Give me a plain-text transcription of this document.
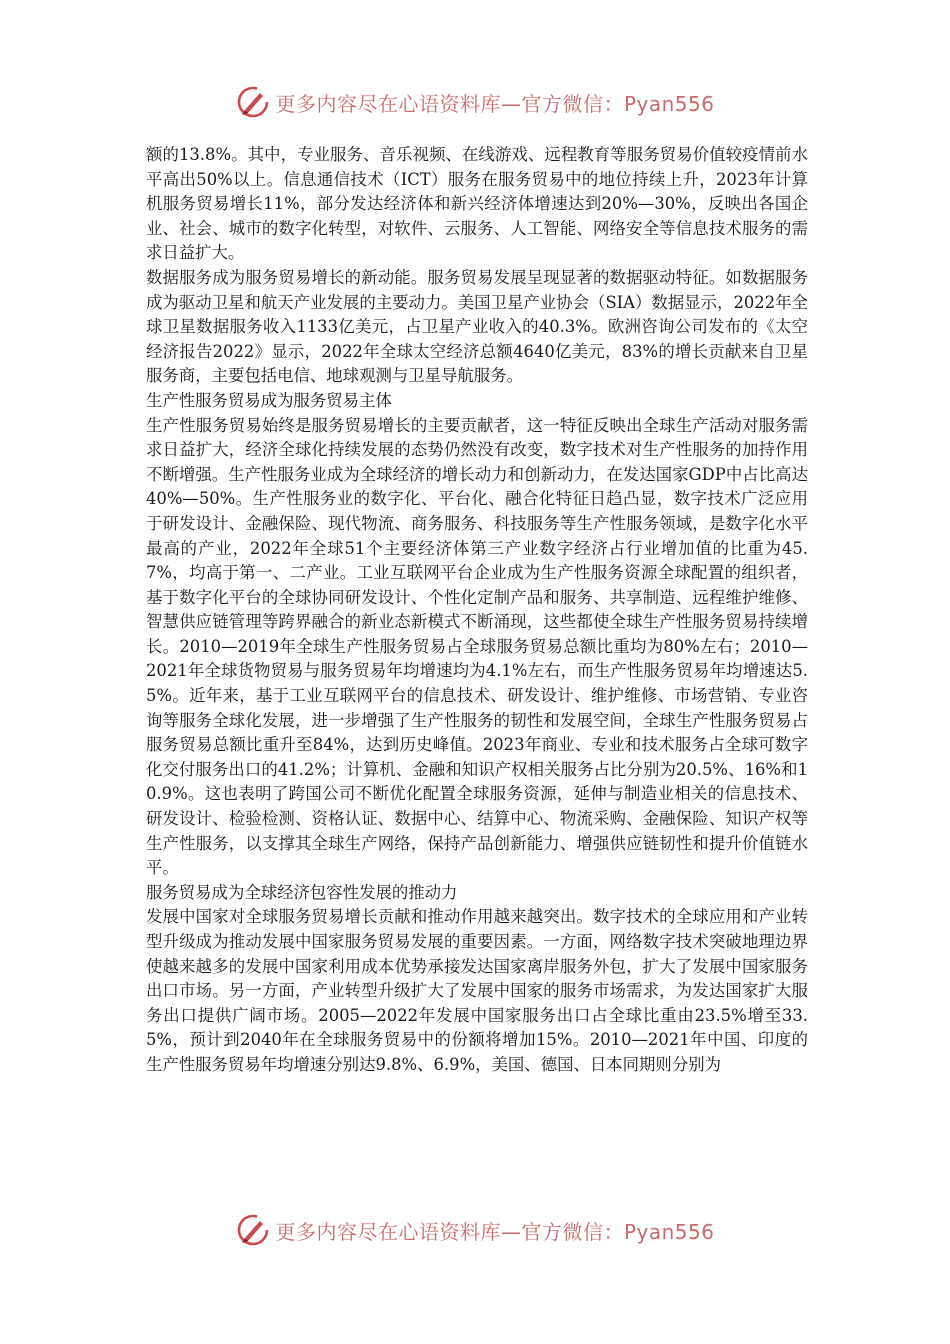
更多内容尽在心语资料库—官方微信：Pyan556

额的13.8%。其中，专业服务、音乐视频、在线游戏、远程教育等服务贸易价值较疫情前水平高出50%以上。信息通信技术（ICT）服务在服务贸易中的地位持续上升，2023年计算机服务贸易增长11%，部分发达经济体和新兴经济体增速达到20%—30%，反映出各国企业、社会、城市的数字化转型，对软件、云服务、人工智能、网络安全等信息技术服务的需求日益扩大。

数据服务成为服务贸易增长的新动能。服务贸易发展呈现显著的数据驱动特征。如数据服务成为驱动卫星和航天产业发展的主要动力。美国卫星产业协会（SIA）数据显示，2022年全球卫星数据服务收入1133亿美元，占卫星产业收入的40.3%。欧洲咨询公司发布的《太空经济报告2022》显示，2022年全球太空经济总额4640亿美元，83%的增长贡献来自卫星服务商，主要包括电信、地球观测与卫星导航服务。

生产性服务贸易成为服务贸易主体

生产性服务贸易始终是服务贸易增长的主要贡献者，这一特征反映出全球生产活动对服务需求日益扩大，经济全球化持续发展的态势仍然没有改变，数字技术对生产性服务的加持作用不断增强。生产性服务业成为全球经济的增长动力和创新动力，在发达国家GDP中占比高达40%—50%。生产性服务业的数字化、平台化、融合化特征日趋凸显，数字技术广泛应用于研发设计、金融保险、现代物流、商务服务、科技服务等生产性服务领域，是数字化水平最高的产业，2022年全球51个主要经济体第三产业数字经济占行业增加值的比重为45.7%，均高于第一、二产业。工业互联网平台企业成为生产性服务资源全球配置的组织者，基于数字化平台的全球协同研发设计、个性化定制产品和服务、共享制造、远程维护维修、智慧供应链管理等跨界融合的新业态新模式不断涌现，这些都使全球生产性服务贸易持续增长。2010—2019年全球生产性服务贸易占全球服务贸易总额比重均为80%左右；2010—2021年全球货物贸易与服务贸易年均增速均为4.1%左右，而生产性服务贸易年均增速达5.5%。近年来，基于工业互联网平台的信息技术、研发设计、维护维修、市场营销、专业咨询等服务全球化发展，进一步增强了生产性服务的韧性和发展空间，全球生产性服务贸易占服务贸易总额比重升至84%，达到历史峰值。2023年商业、专业和技术服务占全球可数字化交付服务出口的41.2%；计算机、金融和知识产权相关服务占比分别为20.5%、16%和10.9%。这也表明了跨国公司不断优化配置全球服务资源，延伸与制造业相关的信息技术、研发设计、检验检测、资格认证、数据中心、结算中心、物流采购、金融保险、知识产权等生产性服务，以支撑其全球生产网络，保持产品创新能力、增强供应链韧性和提升价值链水平。

服务贸易成为全球经济包容性发展的推动力

发展中国家对全球服务贸易增长贡献和推动作用越来越突出。数字技术的全球应用和产业转型升级成为推动发展中国家服务贸易发展的重要因素。一方面，网络数字技术突破地理边界使越来越多的发展中国家利用成本优势承接发达国家离岸服务外包，扩大了发展中国家服务出口市场。另一方面，产业转型升级扩大了发展中国家的服务市场需求，为发达国家扩大服务出口提供广阔市场。2005—2022年发展中国家服务出口占全球比重由23.5%增至33.5%，预计到2040年在全球服务贸易中的份额将增加15%。2010—2021年中国、印度的生产性服务贸易年均增速分别达9.8%、6.9%，美国、德国、日本同期则分别为

更多内容尽在心语资料库—官方微信：Pyan556
